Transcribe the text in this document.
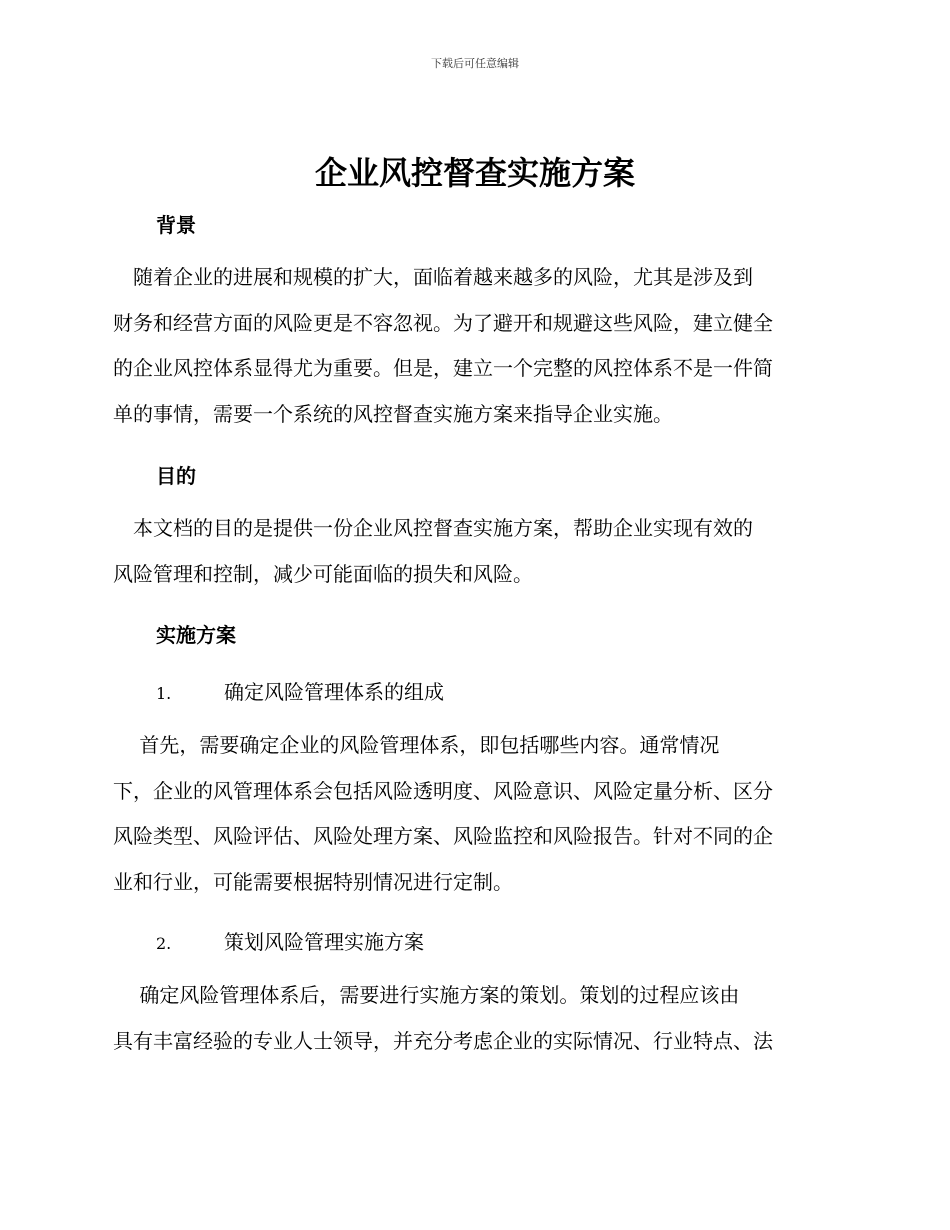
下载后可任意编辑
企业风控督查实施方案
背景
　随着企业的进展和规模的扩大，面临着越来越多的风险，尤其是涉及到
财务和经营方面的风险更是不容忽视。为了避开和规避这些风险，建立健全
的企业风控体系显得尤为重要。但是，建立一个完整的风控体系不是一件简
单的事情，需要一个系统的风控督查实施方案来指导企业实施。
目的
　本文档的目的是提供一份企业风控督查实施方案，帮助企业实现有效的
风险管理和控制，减少可能面临的损失和风险。
实施方案
1.	确定风险管理体系的组成
　 首先，需要确定企业的风险管理体系，即包括哪些内容。通常情况
下，企业的风管理体系会包括风险透明度、风险意识、风险定量分析、区分
风险类型、风险评估、风险处理方案、风险监控和风险报告。针对不同的企
业和行业，可能需要根据特别情况进行定制。
2.	策划风险管理实施方案
　 确定风险管理体系后，需要进行实施方案的策划。策划的过程应该由
具有丰富经验的专业人士领导，并充分考虑企业的实际情况、行业特点、法
